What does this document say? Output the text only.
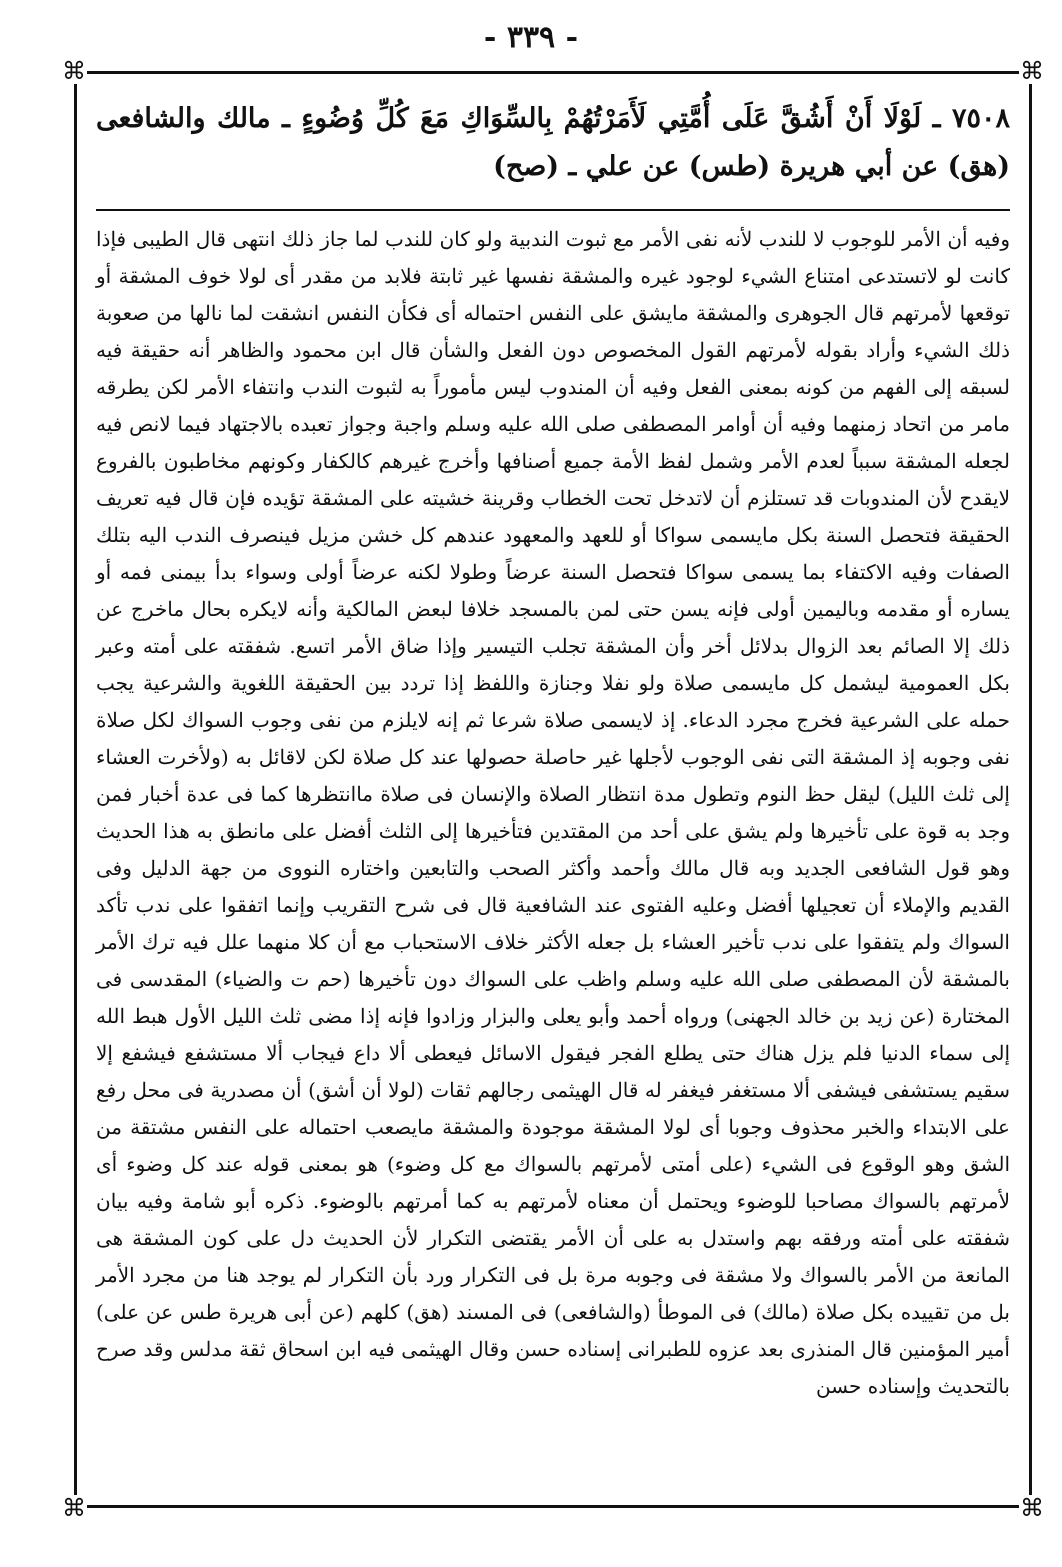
- ٣٣٩ -
⌘	⌘
⌘	⌘
٧٥٠٨ ـ لَوْلَا أَنْ أَشُقَّ عَلَى أُمَّتِي لَأَمَرْتُهُمْ بِالسِّوَاكِ مَعَ كُلِّ وُضُوءٍ ـ مالك والشافعى (هق) عن أبي هريرة (طس) عن علي ـ (صح)
وفيه أن الأمر للوجوب لا للندب لأنه نفى الأمر مع ثبوت الندبية ولو كان للندب لما جاز ذلك انتهى قال الطيبى فإذا كانت لو لاتستدعى امتناع الشيء لوجود غيره والمشقة نفسها غير ثابتة فلابد من مقدر أى لولا خوف المشقة أو توقعها لأمرتهم قال الجوهرى والمشقة مايشق على النفس احتماله أى فكأن النفس انشقت لما نالها من صعوبة ذلك الشيء وأراد بقوله لأمرتهم القول المخصوص دون الفعل والشأن قال ابن محمود والظاهر أنه حقيقة فيه لسبقه إلى الفهم من كونه بمعنى الفعل وفيه أن المندوب ليس مأموراً به لثبوت الندب وانتفاء الأمر لكن يطرقه مامر من اتحاد زمنهما وفيه أن أوامر المصطفى صلى الله عليه وسلم واجبة وجواز تعبده بالاجتهاد فيما لانص فيه لجعله المشقة سبباً لعدم الأمر وشمل لفظ الأمة جميع أصنافها وأخرج غيرهم كالكفار وكونهم مخاطبون بالفروع لايقدح لأن المندوبات قد تستلزم أن لاتدخل تحت الخطاب وقرينة خشيته على المشقة تؤيده فإن قال فيه تعريف الحقيقة فتحصل السنة بكل مايسمى سواكا أو للعهد والمعهود عندهم كل خشن مزيل فينصرف الندب اليه بتلك الصفات وفيه الاكتفاء بما يسمى سواكا فتحصل السنة عرضاً وطولا لكنه عرضاً أولى وسواء بدأ بيمنى فمه أو يساره أو مقدمه وباليمين أولى فإنه يسن حتى لمن بالمسجد خلافا لبعض المالكية وأنه لايكره بحال ماخرج عن ذلك إلا الصائم بعد الزوال بدلائل أخر وأن المشقة تجلب التيسير وإذا ضاق الأمر اتسع. شفقته على أمته وعبر بكل العمومية ليشمل كل مايسمى صلاة ولو نفلا وجنازة واللفظ إذا تردد بين الحقيقة اللغوية والشرعية يجب حمله على الشرعية فخرج مجرد الدعاء. إذ لايسمى صلاة شرعا ثم إنه لايلزم من نفى وجوب السواك لكل صلاة نفى وجوبه إذ المشقة التى نفى الوجوب لأجلها غير حاصلة حصولها عند كل صلاة لكن لاقائل به (ولأخرت العشاء إلى ثلث الليل) ليقل حظ النوم وتطول مدة انتظار الصلاة والإنسان فى صلاة ماانتظرها كما فى عدة أخبار فمن وجد به قوة على تأخيرها ولم يشق على أحد من المقتدين فتأخيرها إلى الثلث أفضل على مانطق به هذا الحديث وهو قول الشافعى الجديد وبه قال مالك وأحمد وأكثر الصحب والتابعين واختاره النووى من جهة الدليل وفى القديم والإملاء أن تعجيلها أفضل وعليه الفتوى عند الشافعية قال فى شرح التقريب وإنما اتفقوا على ندب تأكد السواك ولم يتفقوا على ندب تأخير العشاء بل جعله الأكثر خلاف الاستحباب مع أن كلا منهما علل فيه ترك الأمر بالمشقة لأن المصطفى صلى الله عليه وسلم واظب على السواك دون تأخيرها (حم ت والضياء) المقدسى فى المختارة (عن زيد بن خالد الجهنى) ورواه أحمد وأبو يعلى والبزار وزادوا فإنه إذا مضى ثلث الليل الأول هبط الله إلى سماء الدنيا فلم يزل هناك حتى يطلع الفجر فيقول الاسائل فيعطى ألا داع فيجاب ألا مستشفع فيشفع إلا سقيم يستشفى فيشفى ألا مستغفر فيغفر له قال الهيثمى رجالهم ثقات (لولا أن أشق) أن مصدرية فى محل رفع على الابتداء والخبر محذوف وجوبا أى لولا المشقة موجودة والمشقة مايصعب احتماله على النفس مشتقة من الشق وهو الوقوع فى الشيء (على أمتى لأمرتهم بالسواك مع كل وضوء) هو بمعنى قوله عند كل وضوء أى لأمرتهم بالسواك مصاحبا للوضوء ويحتمل أن معناه لأمرتهم به كما أمرتهم بالوضوء. ذكره أبو شامة وفيه بيان شفقته على أمته ورفقه بهم واستدل به على أن الأمر يقتضى التكرار لأن الحديث دل على كون المشقة هى المانعة من الأمر بالسواك ولا مشقة فى وجوبه مرة بل فى التكرار ورد بأن التكرار لم يوجد هنا من مجرد الأمر بل من تقييده بكل صلاة (مالك) فى الموطأ (والشافعى) فى المسند (هق) كلهم (عن أبى هريرة طس عن على) أمير المؤمنين قال المنذرى بعد عزوه للطبرانى إسناده حسن وقال الهيثمى فيه ابن اسحاق ثقة مدلس وقد صرح بالتحديث وإسناده حسن
